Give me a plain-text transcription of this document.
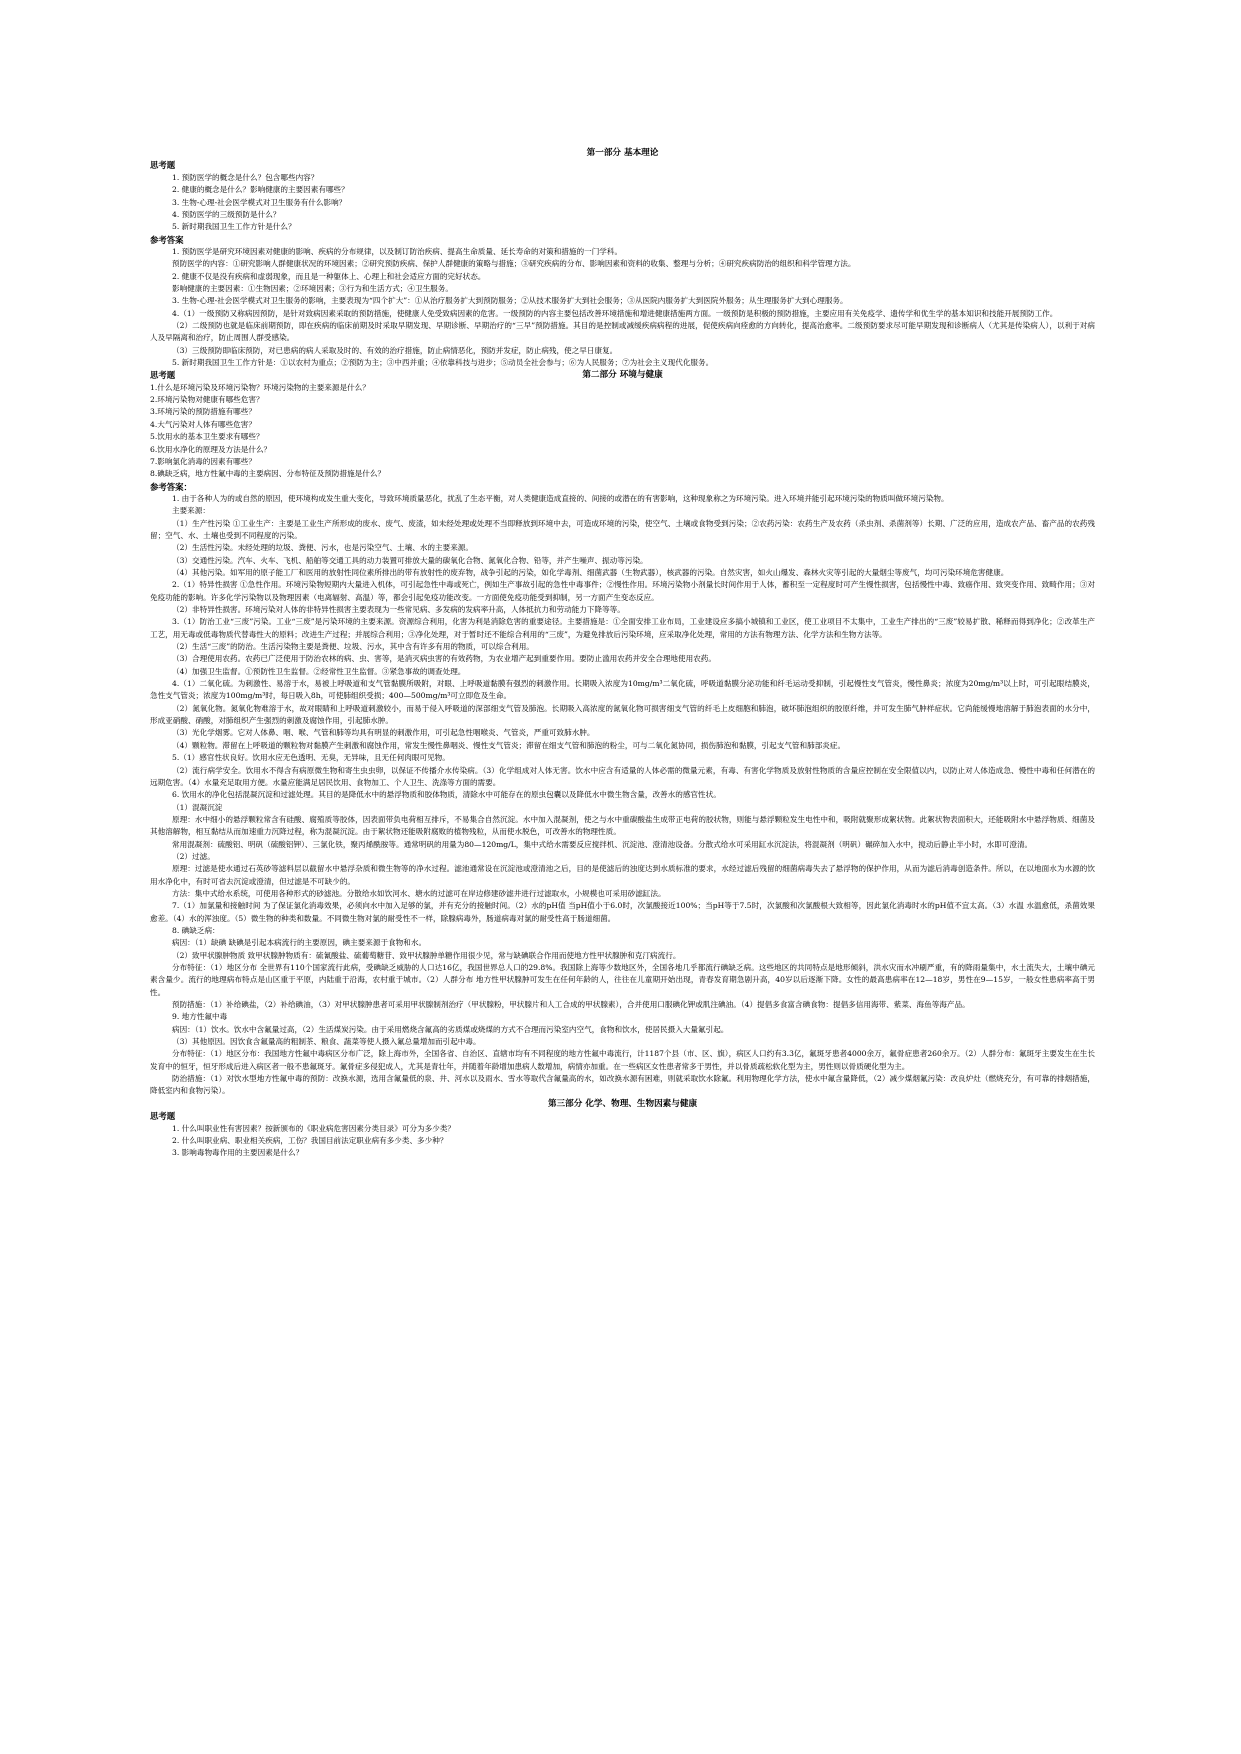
第一部分 基本理论
思考题

1. 预防医学的概念是什么？包含哪些内容？

2. 健康的概念是什么？影响健康的主要因素有哪些？

3. 生物-心理-社会医学模式对卫生服务有什么影响？

4. 预防医学的三级预防是什么？

5. 新时期我国卫生工作方针是什么？

参考答案

1. 预防医学是研究环境因素对健康的影响、疾病的分布规律，以及制订防治疾病、提高生命质量、延长寿命的对策和措施的一门学科。

预防医学的内容：①研究影响人群健康状况的环境因素；②研究预防疾病、保护人群健康的策略与措施；③研究疾病的分布、影响因素和资料的收集、整理与分析；④研究疾病防治的组织和科学管理方法。

2. 健康不仅是没有疾病和虚弱现象，而且是一种躯体上、心理上和社会适应方面的完好状态。

影响健康的主要因素：①生物因素；②环境因素；③行为和生活方式；④卫生服务。

3. 生物-心理-社会医学模式对卫生服务的影响，主要表现为“四个扩大”：①从治疗服务扩大到预防服务；②从技术服务扩大到社会服务；③从医院内服务扩大到医院外服务；从生理服务扩大到心理服务。

4.（1）一级预防又称病因预防，是针对致病因素采取的预防措施，使健康人免受致病因素的危害。一级预防的内容主要包括改善环境措施和增进健康措施两方面。一级预防是积极的预防措施，主要应用有关免疫学、遗传学和优生学的基本知识和技能开展预防工作。

（2）二级预防也就是临床前期预防，即在疾病的临床前期及时采取早期发现、早期诊断、早期治疗的“三早”预防措施。其目的是控制或减缓疾病病程的进展，促使疾病向痊愈的方向转化，提高治愈率。二级预防要求尽可能早期发现和诊断病人（尤其是传染病人），以利于对病人及早隔离和治疗，防止周围人群受感染。

（3）三级预防即临床预防，对已患病的病人采取及时的、有效的治疗措施，防止病情恶化，预防并发症，防止病残，使之早日康复。

5. 新时期我国卫生工作方针是：①以农村为重点；②预防为主；③中西并重；④依靠科技与进步；⑤动员全社会参与；⑥为人民服务；⑦为社会主义现代化服务。

思考题	第二部分 环境与健康

1.什么是环境污染及环境污染物？环境污染物的主要来源是什么？

2.环境污染物对健康有哪些危害？

3.环境污染的预防措施有哪些？

4.大气污染对人体有哪些危害？

5.饮用水的基本卫生要求有哪些？

6.饮用水净化的原理及方法是什么？

7.影响氯化消毒的因素有哪些？

8.碘缺乏病，地方性氟中毒的主要病因、分布特征及预防措施是什么？

参考答案：

1. 由于各种人为的或自然的原因，使环境构成发生重大变化，导致环境质量恶化，扰乱了生态平衡，对人类健康造成直接的、间接的或潜在的有害影响，这种现象称之为环境污染。进入环境并能引起环境污染的物质叫做环境污染物。

主要来源：

（1）生产性污染 ①工业生产：主要是工业生产所形成的废水、废气、废渣，如未经处理或处理不当即释放到环境中去，可造成环境的污染，使空气、土壤或食物受到污染；②农药污染：农药生产及农药（杀虫剂、杀菌剂等）长期、广泛的应用，造成农产品、畜产品的农药残留；空气、水、土壤也受到不同程度的污染。

（2）生活性污染。未经处理的垃圾、粪便、污水，也是污染空气、土壤、水的主要来源。

（3）交通性污染。汽车、火车、飞机、船舶等交通工具的动力装置可排放大量的碳氧化合物、氮氧化合物、铅等，并产生噪声、振动等污染。

（4）其他污染。如军用的原子能工厂和医用的放射性同位素所排出的带有放射性的废弃物，战争引起的污染，如化学毒剂、细菌武器（生物武器），核武器的污染。自然灾害，如火山爆发、森林火灾等引起的大量烟尘等废气，均可污染环境危害健康。

2.（1）特异性损害 ①急性作用。环境污染物短期内大量进入机体，可引起急性中毒或死亡，例如生产事故引起的急性中毒事件；②慢性作用。环境污染物小剂量长时间作用于人体，蓄积至一定程度时可产生慢性损害，包括慢性中毒、致癌作用、致突变作用、致畸作用；③对免疫功能的影响。许多化学污染物以及物理因素（电离辐射、高温）等，都会引起免疫功能改变。一方面使免疫功能受到抑制，另一方面产生变态反应。

（2）非特异性损害。环境污染对人体的非特异性损害主要表现为一些常见病、多发病的发病率升高，人体抵抗力和劳动能力下降等等。

3.（1）防治工业“三废”污染。工业“三废”是污染环境的主要来源。资源综合利用，化害为利是消除危害的重要途径。主要措施是：①全面安排工业布局，工业建设应多搞小城镇和工业区，使工业项目不太集中，工业生产排出的“三废”较易扩散、稀释而得到净化；②改革生产工艺，用无毒或低毒物质代替毒性大的原料；改进生产过程；并展综合利用；③净化处理，对于暂时还不能综合利用的“三废”，为避免排放后污染环境，应采取净化处理，常用的方法有物理方法、化学方法和生物方法等。

（2）生活“三废”的防治。生活污染物主要是粪便、垃圾、污水，其中含有许多有用的物质，可以综合利用。

（3）合理使用农药。农药已广泛使用于防治农林的病、虫、害等，是消灭病虫害的有效药物，为农业增产起到重要作用。要防止滥用农药并安全合理地使用农药。

（4）加强卫生监督。①预防性卫生监督。②经常性卫生监督。③紧急事故的调查处理。

4.（1）二氧化硫。为刺激性、易溶于水，易被上呼吸道和支气管黏膜所吸附，对眼、上呼吸道黏膜有强烈的刺激作用。长期吸入浓度为10mg/m³二氧化硫，呼吸道黏膜分泌功能和纤毛运动受抑制，引起慢性支气管炎，慢性鼻炎；浓度为20mg/m³以上时，可引起眼结膜炎，急性支气管炎；浓度为100mg/m³时，每日吸入8h，可使肺组织受损；400—500mg/m³可立即危及生命。

（2）氮氧化物。氮氧化物难溶于水，故对眼睛和上呼吸道刺激较小，而易于侵入呼吸道的深部细支气管及肺泡。长期吸入高浓度的氮氧化物可损害细支气管的纤毛上皮细胞和肺泡，破坏肺泡组织的胶原纤维，并可发生肺气肿样症状。它尚能缓慢地溶解于肺泡表面的水分中，形成亚硝酸、硝酸，对肺组织产生强烈的刺激及腐蚀作用，引起肺水肿。

（3）光化学烟雾。它对人体鼻、咽、喉、气管和肺等均具有明显的刺激作用，可引起急性咽喉炎、气管炎，严重可致肺水肿。

（4）颗粒物。滞留在上呼吸道的颗粒物对黏膜产生刺激和腐蚀作用，常发生慢性鼻咽炎、慢性支气管炎；滞留在细支气管和肺泡的粉尘，可与二氧化氮协同，损伤肺泡和黏膜，引起支气管和肺部炎症。

5.（1）感官性状良好。饮用水应无色透明、无臭，无异味，且无任何肉眼可见物。

（2）流行病学安全。饮用水不得含有病原微生物和寄生虫虫卵，以保证不传播介水传染病。（3）化学组成对人体无害。饮水中应含有适量的人体必需的微量元素，有毒、有害化学物质及放射性物质的含量应控制在安全限值以内，以防止对人体造成急、慢性中毒和任何潜在的远期危害。（4）水量充足取用方便。水量应能满足居民饮用、食物加工、个人卫生、洗涤等方面的需要。

6. 饮用水的净化包括混凝沉淀和过滤处理。其目的是降低水中的悬浮物质和胶体物质，清除水中可能存在的原虫包囊以及降低水中微生物含量，改善水的感官性状。

（1）混凝沉淀

原理：水中细小的悬浮颗粒常含有硅酸、腐殖质等胶体，因表面带负电荷相互排斥，不易集合自然沉淀。水中加入混凝剂，使之与水中重碳酸盐生成带正电荷的胶状物，则能与悬浮颗粒发生电性中和，吸附就聚形成絮状物。此絮状物表面积大，还能吸附水中悬浮物质、细菌及其他溶解物，相互黏结从而加速重力沉降过程，称为混凝沉淀。由于絮状物还能吸附腐败的植物残粒，从而使水脱色，可改善水的物理性质。

常用混凝剂：硫酸铝、明矾（硫酸铝钾）、三氯化铁，聚丙烯酰胺等。通常明矾的用量为80—120mg/L，集中式给水需要反应搅拌机、沉淀池、澄清池设备。分散式给水可采用缸水沉淀法，将混凝剂（明矾）碾碎加入水中，搅动后静止半小时，水即可澄清。

（2）过滤。

原理：过滤是使水通过石英砂等滤料层以截留水中悬浮杂质和微生物等的净水过程。滤池通常设在沉淀池或澄清池之后，目的是使滤后的浊度达到水质标准的要求，水经过滤后残留的细菌病毒失去了悬浮物的保护作用，从而为滤后消毒创造条件。所以，在以地面水为水源的饮用水净化中，有时可省去沉淀或澄清，但过滤是不可缺少的。

方法：集中式给水系统，可使用各种形式的砂滤池。分散给水如饮河水、塘水的过滤可在岸边修建砂滤井进行过滤取水，小规模也可采用砂滤缸法。

7.（1）加氯量和接触时间 为了保证氯化消毒效果，必须向水中加入足够的氯，并有充分的接触时间。（2）水的pH值 当pH值小于6.0时，次氯酸接近100%；当pH等于7.5时，次氯酸和次氯酸根大致相等，因此氯化消毒时水的pH值不宜太高。（3）水温 水温愈低，杀菌效果愈差。（4）水的浑浊度。（5）微生物的种类和数量。不同微生物对氯的耐受性不一样，除腺病毒外，肠道病毒对氯的耐受性高于肠道细菌。

8. 碘缺乏病：

病因：（1）缺碘 缺碘是引起本病流行的主要原因，碘主要来源于食物和水。

（2）致甲状腺肿物质 致甲状腺肿物质有：硫氰酸盐、硫葡萄糖苷、致甲状腺肿单糖作用很少见，常与缺碘联合作用而使地方性甲状腺肿和克汀病流行。

分布特征：（1）地区分布 全世界有110个国家流行此病，受碘缺乏威胁的人口达16亿，我国世界总人口的29.8%。我国除上海等少数地区外，全国各地几乎都流行碘缺乏病。这些地区的共同特点是地形倾斜，洪水灾而水冲刷严重，有的降雨量集中，水土流失大，土壤中碘元素含量少。流行的地理病布特点是山区重于平原，内陆重于沿海，农村重于城市。（2）人群分布 地方性甲状腺肿可发生在任何年龄的人，往往在儿童期开始出现，青春发育期急剧升高，40岁以后逐渐下降。女性的最高患病率在12—18岁，男性在9—15岁，一般女性患病率高于男性。

预防措施：（1）补给碘盐，（2）补给碘油，（3）对甲状腺肿患者可采用甲状腺制剂治疗（甲状腺粉，甲状腺片和人工合成的甲状腺素），合并使用口服碘化钾或肌注碘油。（4）提倡多食富含碘食物：提倡多信用海带、紫菜、海鱼等海产品。

9. 地方性氟中毒

病因：（1）饮水。饮水中含氟量过高，（2）生活煤炭污染。由于采用燃烧含氟高的劣质煤或烧煤的方式不合理而污染室内空气，食物和饮水，使居民摄入大量氟引起。

（3）其他原因。因饮食含氟量高的粗制茶、粮食、蔬菜等使人摄入氟总量增加而引起中毒。

分布特征：（1）地区分布：我国地方性氟中毒病区分布广泛，除上海市外，全国各省、自治区、直辖市均有不同程度的地方性氟中毒流行，计1187个县（市、区、旗），病区人口约有3.3亿，氟斑牙患者4000余万，氟骨症患者260余万。（2）人群分布：氟斑牙主要发生在生长发育中的恒牙，恒牙形成后进入病区者一般不患氟斑牙。氟骨症多侵犯成人，尤其是青壮年，并随着年龄增加患病人数增加，病情亦加重。在一些病区女性患者常多于男性，并以骨质疏松软化型为主，男性则以骨质硬化型为主。

防治措施：（1）对饮水型地方性氟中毒的预防：改换水源，选用含氟量低的泉、井、河水以及雨水、雪水等取代含氟量高的水，如改换水源有困难，则就采取饮水除氟。利用物理化学方法，使水中氟含量降低，（2）减少煤烟氟污染：改良炉灶（燃烧充分，有可靠的排烟措施，降低室内和食物污染）。

第三部分 化学、物理、生物因素与健康
思考题

1. 什么叫职业性有害因素？按新颁布的《职业病危害因素分类目录》可分为多少类？

2. 什么叫职业病、职业相关疾病，工伤？我国目前法定职业病有多少类、多少种？

3. 影响毒物毒作用的主要因素是什么？
